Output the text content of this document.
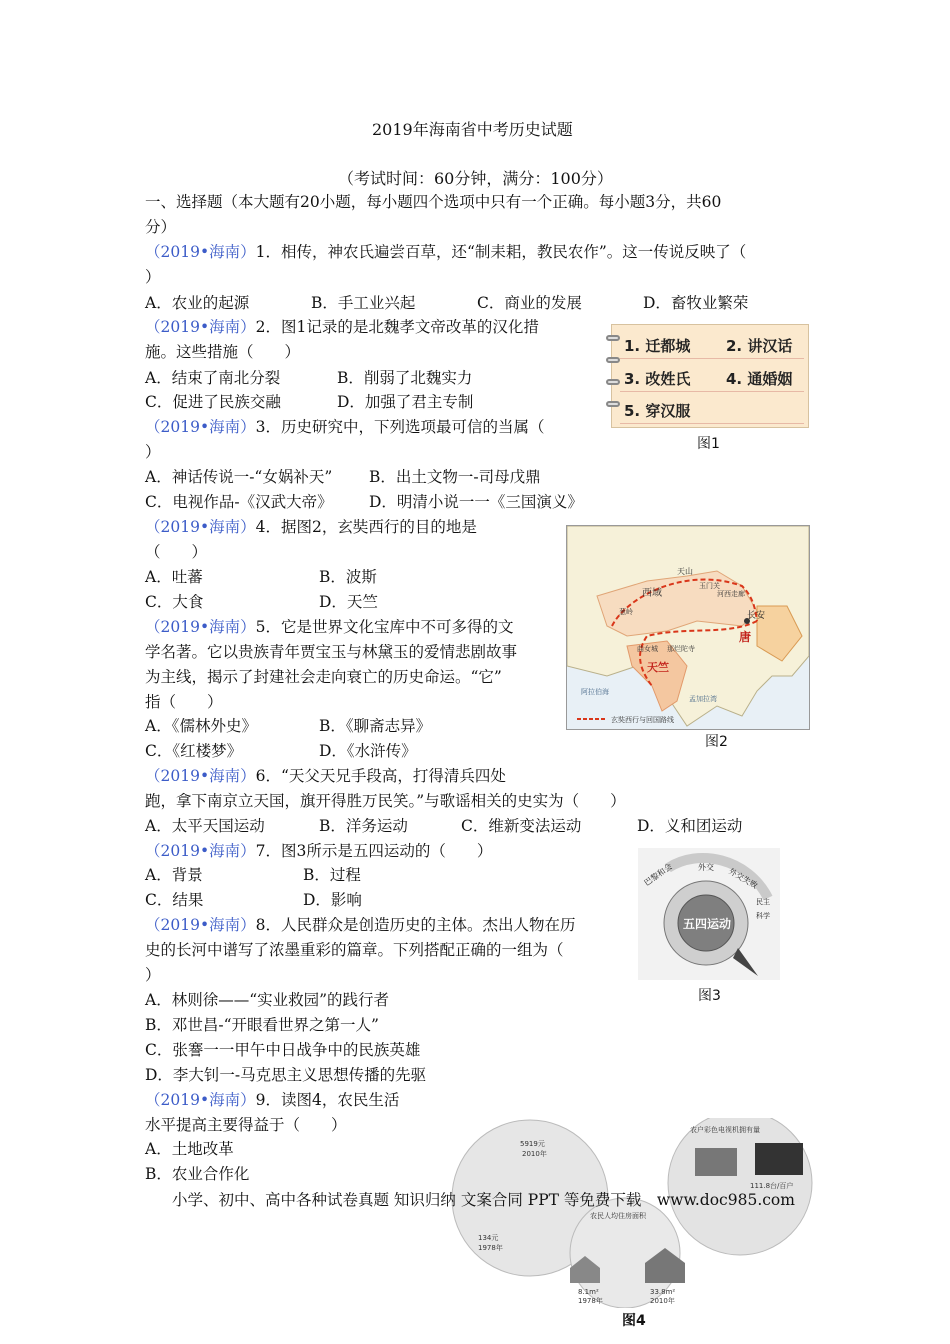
2019年海南省中考历史试题
（考试时间：60分钟，满分：100分）
一、选择题（本大题有20小题，每小题四个选项中只有一个正确。每小题3分，共60
分）
（2019•海南）1．相传，神农氏遍尝百草，还“制耒耜，教民农作”。这一传说反映了（
）
A．农业的起源	B．手工业兴起	C．商业的发展	D．畜牧业繁荣
（2019•海南）2．图1记录的是北魏孝文帝改革的汉化措
施。这些措施（　　）
A．结束了南北分裂	B．削弱了北魏实力
C．促进了民族交融	D．加强了君主专制
1. 迁都城 2. 讲汉话
3. 改姓氏 4. 通婚姻
5. 穿汉服
图1
（2019•海南）3．历史研究中，下列选项最可信的当属（
）
A．神话传说一-“女娲补天” B．出土文物一-司母戊鼎
C．电视作品-《汉武大帝》 D．明清小说一一《三国演义》
（2019•海南）4．据图2，玄奘西行的目的地是
（　　）
A．吐蕃	B．波斯
C．大食	D．天竺
天山
西域
玉门关
河西走廊
长安
唐
葱岭
曲女城
天竺
那烂陀寺
阿拉伯海
孟加拉湾
玄奘西行与回国路线
图2
（2019•海南）5．它是世界文化宝库中不可多得的文
学名著。它以贵族青年贾宝玉与林黛玉的爱情悲剧故事
为主线，揭示了封建社会走向衰亡的历史命运。“它”
指（　　）
A．《儒林外史》	B．《聊斋志异》
C．《红楼梦》	D．《水浒传》
（2019•海南）6．“天父天兄手段高，打得清兵四处
跑，拿下南京立天国，旗开得胜万民笑。”与歌谣相关的史实为（　　）
A．太平天国运动	B．洋务运动	C．维新变法运动	D．义和团运动
（2019•海南）7．图3所示是五四运动的（　　）
A．背景	B．过程
C．结果	D．影响
五四运动
巴黎和会	外交 外交失败
民主
科学
图3
（2019•海南）8．人民群众是创造历史的主体。杰出人物在历
史的长河中谱写了浓墨重彩的篇章。下列搭配正确的一组为（
）
A．林则徐——“实业救园”的践行者
B．邓世昌-“开眼看世界之第一人”
C．张謇一一甲午中日战争中的民族英雄
D．李大钊一-马克思主义思想传播的先驱
（2019•海南）9．读图4，农民生活
水平提高主要得益于（　　）
A．土地改革
B．农业合作化
农户彩色电视机拥有量
5919元
2010年
134元
1978年
农民人均住房面积
8.1m²
1978年
33.8m²
2010年
111.8台/百户
小学、初中、高中各种试卷真题 知识归纳 文案合同 PPT 等免费下载　www.doc985.com
图4
